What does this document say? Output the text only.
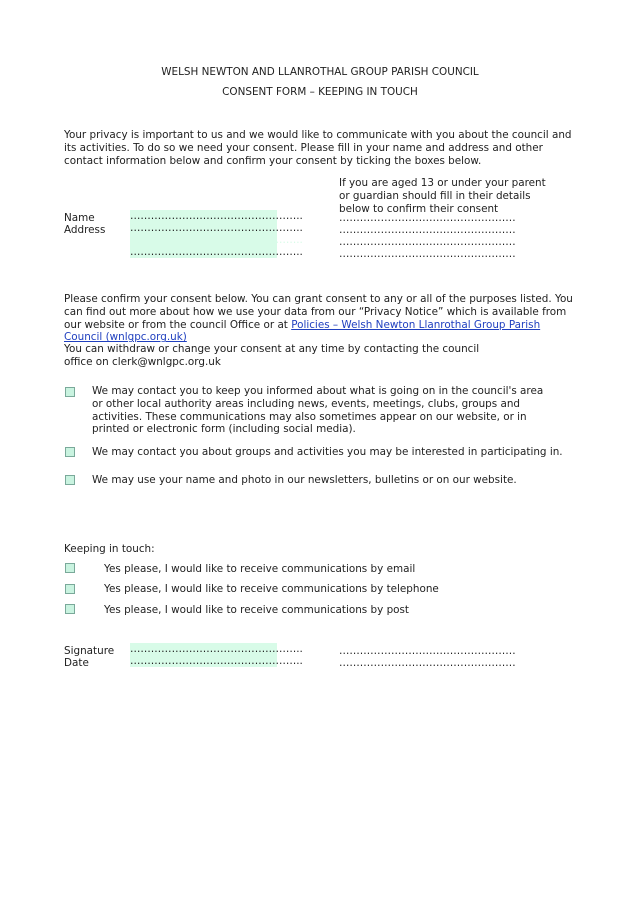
WELSH NEWTON AND LLANROTHAL GROUP PARISH COUNCIL
CONSENT FORM – KEEPING IN TOUCH
Your privacy is important to us and we would like to communicate with you about the council and its activities. To do so we need your consent. Please fill in your name and address and other contact information below and confirm your consent by ticking the boxes below.
If you are aged 13 or under your parent or guardian should fill in their details below to confirm their consent
Name
Address
…………………………………………..
…………………………………………..
…………………………………………..
…………………………………………..
……………………………………………
……………………………………………
……………………………………………
……………………………………………
Please confirm your consent below. You can grant consent to any or all of the purposes listed. You can find out more about how we use your data from our “Privacy Notice” which is available from our website or from the council Office or at Policies – Welsh Newton Llanrothal Group Parish Council (wnlgpc.org.uk)
You can withdraw or change your consent at any time by contacting the council office on clerk@wnlgpc.org.uk
We may contact you to keep you informed about what is going on in the council's area or other local authority areas including news, events, meetings, clubs, groups and activities. These communications may also sometimes appear on our website, or in printed or electronic form (including social media).
We may contact you about groups and activities you may be interested in participating in.
We may use your name and photo in our newsletters, bulletins or on our website.
Keeping in touch:
Yes please, I would like to receive communications by email
Yes please, I would like to receive communications by telephone
Yes please, I would like to receive communications by post
Signature
Date
…………………………………………..
…………………………………………..
……………………………………………
……………………………………………
